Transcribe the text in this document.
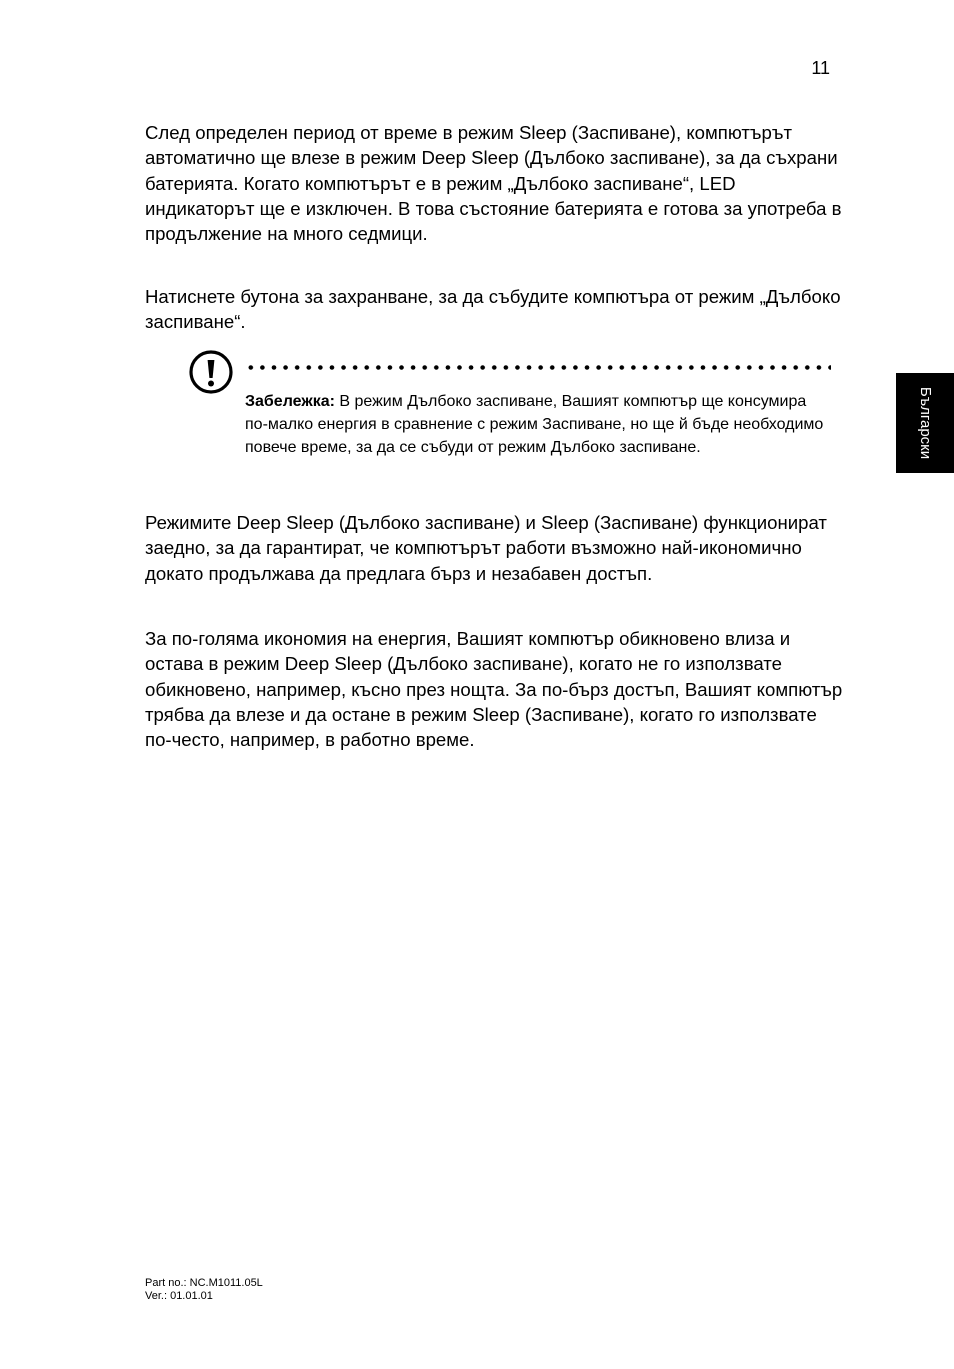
11

След определен период от време в режим Sleep (Заспиване), компютърът автоматично ще влезе в режим Deep Sleep (Дълбоко заспиване), за да съхрани батерията. Когато компютърът е в режим „Дълбоко заспиване“, LED индикаторът ще е изключен. В това състояние батерията е готова за употреба в продължение на много седмици.

Натиснете бутона за захранване, за да събудите компютъра от режим „Дълбоко заспиване“.

Забележка: В режим Дълбоко заспиване, Вашият компютър ще консумира по-малко енергия в сравнение с режим Заспиване, но ще й бъде необходимо повече време, за да се събуди от режим Дълбоко заспиване.

Режимите Deep Sleep (Дълбоко заспиване) и Sleep (Заспиване) функционират заедно, за да гарантират, че компютърът работи възможно най-икономично докато продължава да предлага бърз и незабавен достъп.

За по-голяма икономия на енергия, Вашият компютър обикновено влиза и остава в режим Deep Sleep (Дълбоко заспиване), когато не го използвате обикновено, например, късно през нощта. За по-бърз достъп, Вашият компютър трябва да влезе и да остане в режим Sleep (Заспиване), когато го използвате по-често, например, в работно време.

Български
Part no.: NC.M1011.05L
Ver.: 01.01.01
